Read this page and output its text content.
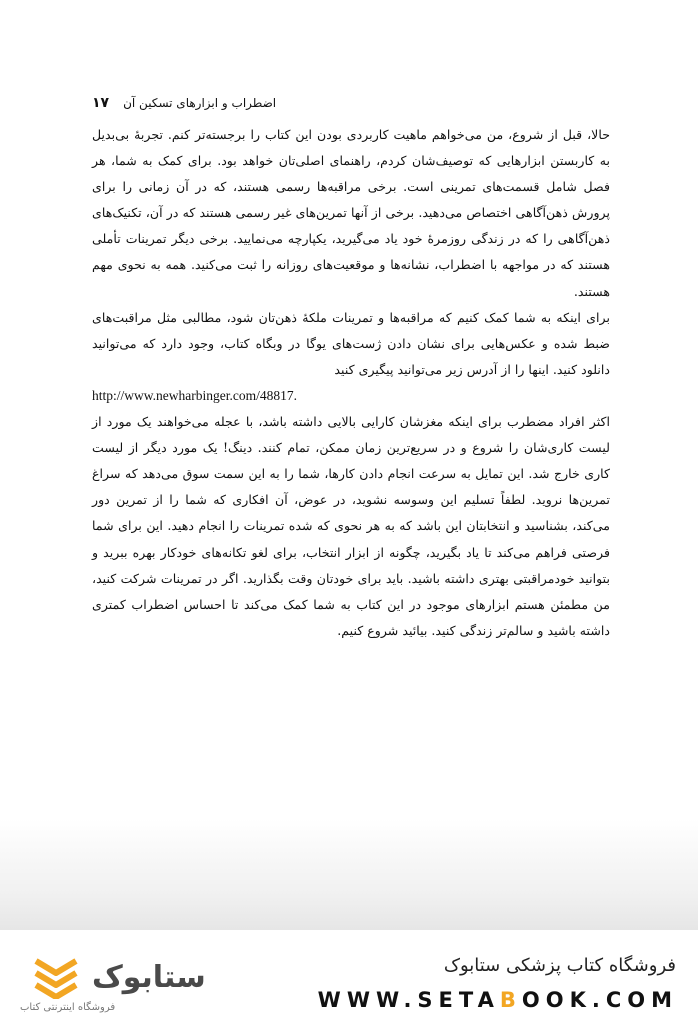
اضطراب و ابزارهای تسکین آن
۱۷

حالا، قبل از شروع، من می‌خواهم ماهیت کاربردی بودن این کتاب را برجسته‌تر کنم. تجربهٔ بی‌بدیل به کاربستن ابزارهایی که توصیف‌شان کردم، راهنمای اصلی‌تان خواهد بود. برای کمک به شما، هر فصل شامل قسمت‌های تمرینی است. برخی مراقبه‌ها رسمی هستند، که در آن زمانی را برای پرورش ذهن‌آگاهی اختصاص می‌دهید. برخی از آنها تمرین‌های غیر رسمی هستند که در آن، تکنیک‌های ذهن‌آگاهی را که در زندگی روزمرهٔ خود یاد می‌گیرید، یکپارچه می‌نمایید. برخی دیگر تمرینات تأملی هستند که در مواجهه با اضطراب، نشانه‌ها و موقعیت‌های روزانه را ثبت می‌کنید. همه به نحوی مهم هستند.

برای اینکه به شما کمک کنیم که مراقبه‌ها و تمرینات ملکهٔ ذهن‌تان شود، مطالبی مثل مراقبت‌های ضبط شده و عکس‌هایی برای نشان دادن ژست‌های یوگا در وبگاه کتاب، وجود دارد که می‌توانید دانلود کنید. اینها را از آدرس زیر می‌توانید پیگیری کنید
http://www.newharbinger.com/48817.

اکثر افراد مضطرب برای اینکه مغزشان کارایی بالایی داشته باشد، با عجله می‌خواهند یک مورد از لیست کاری‌شان را شروع و در سریع‌ترین زمان ممکن، تمام کنند. دینگ! یک مورد دیگر از لیست کاری خارج شد. این تمایل به سرعت انجام دادن کارها، شما را به این سمت سوق می‌دهد که سراغ تمرین‌ها نروید. لطفاً تسلیم این وسوسه نشوید، در عوض، آن افکاری که شما را از تمرین دور می‌کند، بشناسید و انتخابتان این باشد که به هر نحوی که شده تمرینات را انجام دهید. این برای شما فرصتی فراهم می‌کند تا یاد بگیرید، چگونه از ابزار انتخاب، برای لغو تکانه‌های خودکار بهره ببرید و بتوانید خودمراقبتی بهتری داشته باشید. باید برای خودتان وقت بگذارید. اگر در تمرینات شرکت کنید، من مطمئن هستم ابزارهای موجود در این کتاب به شما کمک می‌کند تا احساس اضطراب کمتری داشته باشید و سالم‌تر زندگی کنید. بیائید شروع کنیم.

ستابوک
فروشگاه اینترنتی کتاب
فروشگاه کتاب پزشکی ستابوک
WWW.SETABOOK.COM
